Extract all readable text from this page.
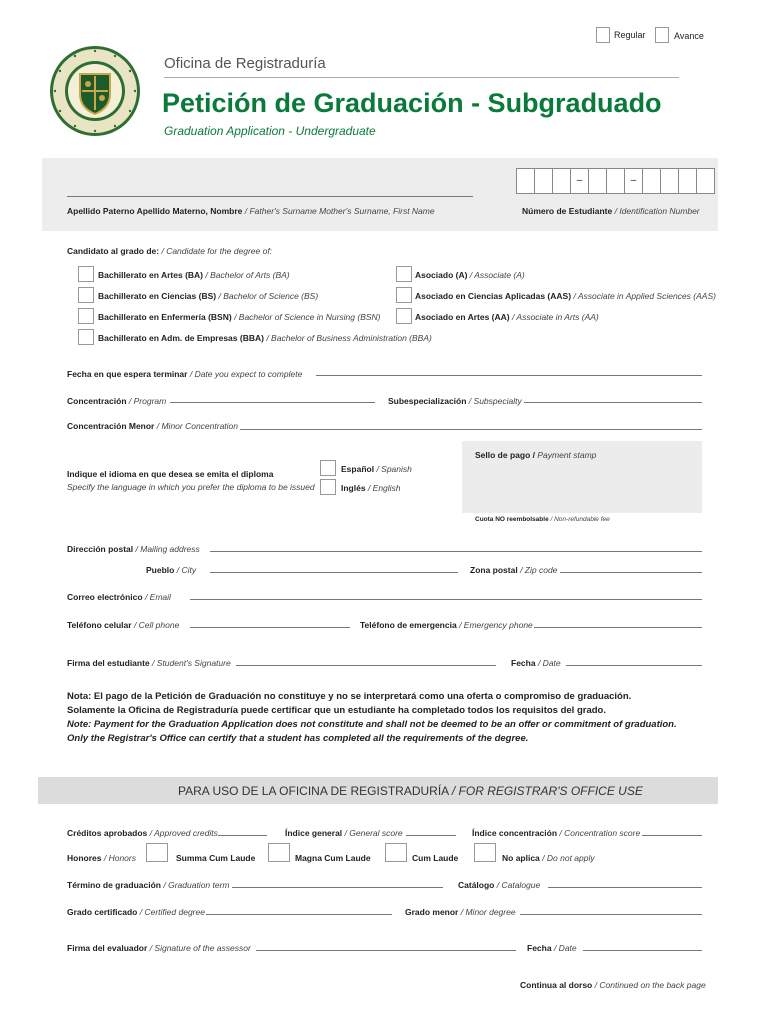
Regular	Avance
Oficina de Registraduría
Petición de Graduación - Subgraduado
Graduation Application - Undergraduate
Apellido Paterno Apellido Materno, Nombre / Father's Surname Mother's Surname, First Name
–	–
Número de Estudiante / Identification Number
Candidato al grado de: / Candidate for the degree of:
Bachillerato en Artes (BA) / Bachelor of Arts (BA)
Bachillerato en Ciencias (BS) / Bachelor of Science (BS)
Bachillerato en Enfermería (BSN) / Bachelor of Science in Nursing (BSN)
Bachillerato en Adm. de Empresas (BBA) / Bachelor of Business Administration (BBA)
Asociado (A) / Associate (A)
Asociado en Ciencias Aplicadas (AAS) / Associate in Applied Sciences (AAS)
Asociado en Artes (AA) / Associate in Arts (AA)
Fecha en que espera terminar / Date you expect to complete
Concentración / Program	Subespecialización / Subspecialty
Concentración Menor / Minor Concentration
Indique el idioma en que desea se emita el diploma
Specify the language in which you prefer the diploma to be issued
Español / Spanish
Inglés / English
Sello de pago / Payment stamp
Cuota NO reembolsable / Non-refundable fee
Dirección postal / Mailing address
Pueblo / City	Zona postal / Zip code
Correo electrónico / Email
Teléfono celular / Cell phone	Teléfono de emergencia / Emergency phone
Firma del estudiante / Student's Signature	Fecha / Date
Nota: El pago de la Petición de Graduación no constituye y no se interpretará como una oferta o compromiso de graduación.
Solamente la Oficina de Registraduría puede certificar que un estudiante ha completado todos los requisitos del grado.
Note: Payment for the Graduation Application does not constitute and shall not be deemed to be an offer or commitment of graduation.
Only the Registrar's Office can certify that a student has completed all the requirements of the degree.
PARA USO DE LA OFICINA DE REGISTRADURÍA / FOR REGISTRAR'S OFFICE USE
Créditos aprobados / Approved credits	Índice general / General score	Índice concentración / Concentration score
Honores / Honors	Summa Cum Laude	Magna Cum Laude	Cum Laude	No aplica / Do not apply
Término de graduación / Graduation term	Catálogo / Catalogue
Grado certificado / Certified degree	Grado menor / Minor degree
Firma del evaluador / Signature of the assessor	Fecha / Date
Continua al dorso / Continued on the back page
